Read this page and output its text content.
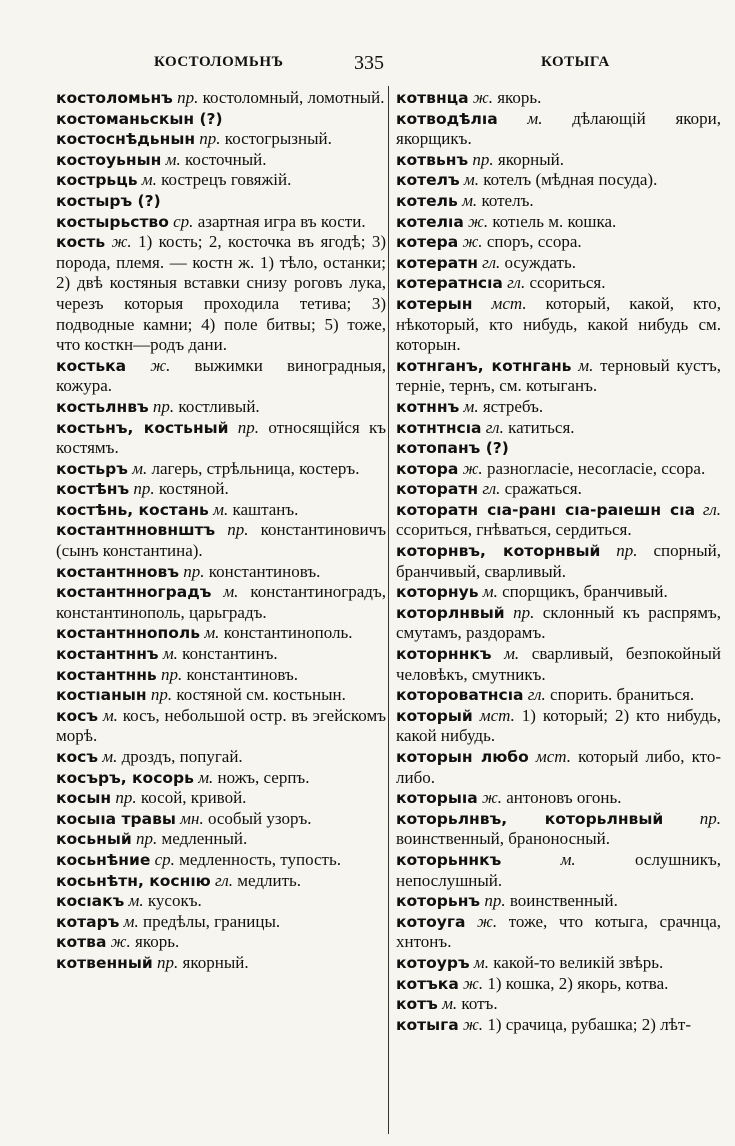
КОСТОЛОМЬНЪ	335	КОТЫГА

костоломьнъ пр. костоломный, ломотный.

костоманьскын (?)

костоснѣдьнын пр. костогрызный.

костоуьнын м. косточный.

кострьць м. кострецъ говяжій.

костыръ (?)

костырьство ср. азартная игра въ кости.

кость ж. 1) кость; 2, косточка въ ягодѣ; 3) порода, племя. — костн ж. 1) тѣло, останки; 2) двѣ костяныя вставки снизу роговъ лука, черезъ которыя проходила тетива; 3) подводные камни; 4) поле битвы; 5) тоже, что косткн—родъ дани.

костька ж. выжимки виноградныя, кожура.

костьлнвъ пр. костливый.

костьнъ, костьный пр. относящійся къ костямъ.

костьръ м. лагерь, стрѣльница, костеръ.

костѣнъ пр. костяной.

костѣнь, костань м. каштанъ.

костантнновнштъ пр. константиновичъ (сынъ константина).

костантнновъ пр. константиновъ.

костантнноградъ м. константиноградъ, константинополь, царьградъ.

костантннополь м. константинополь.

костантннъ м. константинъ.

костантннь пр. константиновъ.

костıанын пр. костяной см. костьнын.

косъ м. косъ, небольшой остр. въ эгейскомъ морѣ.

косъ м. дроздъ, попугай.

косъръ, косорь м. ножъ, серпъ.

косын пр. косой, кривой.

косыıа травы мн. особый узоръ.

косьный пр. медленный.

косьнѣние ср. медленность, тупость.

косьнѣтн, коснıю гл. медлить.

косıакъ м. кусокъ.

котаръ м. предѣлы, границы.

котва ж. якорь.

котвенный пр. якорный.

котвнца ж. якорь.

котводѣлıа м. дѣлающій якори, якорщикъ.

котвьнъ пр. якорный.

котелъ м. котелъ (мѣдная посуда).

котель м. котелъ.

котелıа ж. котıель м. кошка.

котера ж. споръ, ссора.

котератн гл. осуждать.

котератнсıа гл. ссориться.

котерын мст. который, какой, кто, нѣкоторый, кто нибудь, какой нибудь см. которын.

котнганъ, котнгань м. терновый кустъ, терніе, тернъ, см. котыганъ.

котннъ м. ястребъ.

котнтнсıа гл. катиться.

котопанъ (?)

котора ж. разногласіе, несогласіе, ссора.

которатн гл. сражаться.

которатн сıа-ранı сıа-раıешн сıа гл. ссориться, гнѣваться, сердиться.

которнвъ, которнвый пр. спорный, бранчивый, сварливый.

которнуь м. спорщикъ, бранчивый.

которлнвый пр. склонный къ распрямъ, смутамъ, раздорамъ.

которннкъ м. сварливый, безпокойный человѣкъ, смутникъ.

которовaтнсıа гл. спорить. браниться.

который мст. 1) который; 2) кто нибудь, какой нибудь.

которын любо мст. который либо, кто-либо.

которыıа ж. антоновъ огонь.

которьлнвъ, которьлнвый пр. воинственный, браноносный.

которьннкъ	м.	ослушникъ, непослушный.

которьнъ пр. воинственный.

котоуга ж. тоже, что котыга, срачнца, хнтонъ.

котоуръ м. какой-то великій звѣрь.

котъка ж. 1) кошка, 2) якорь, котва.

котъ м. котъ.

котыга ж. 1) срачица, рубашка; 2) лѣт-
